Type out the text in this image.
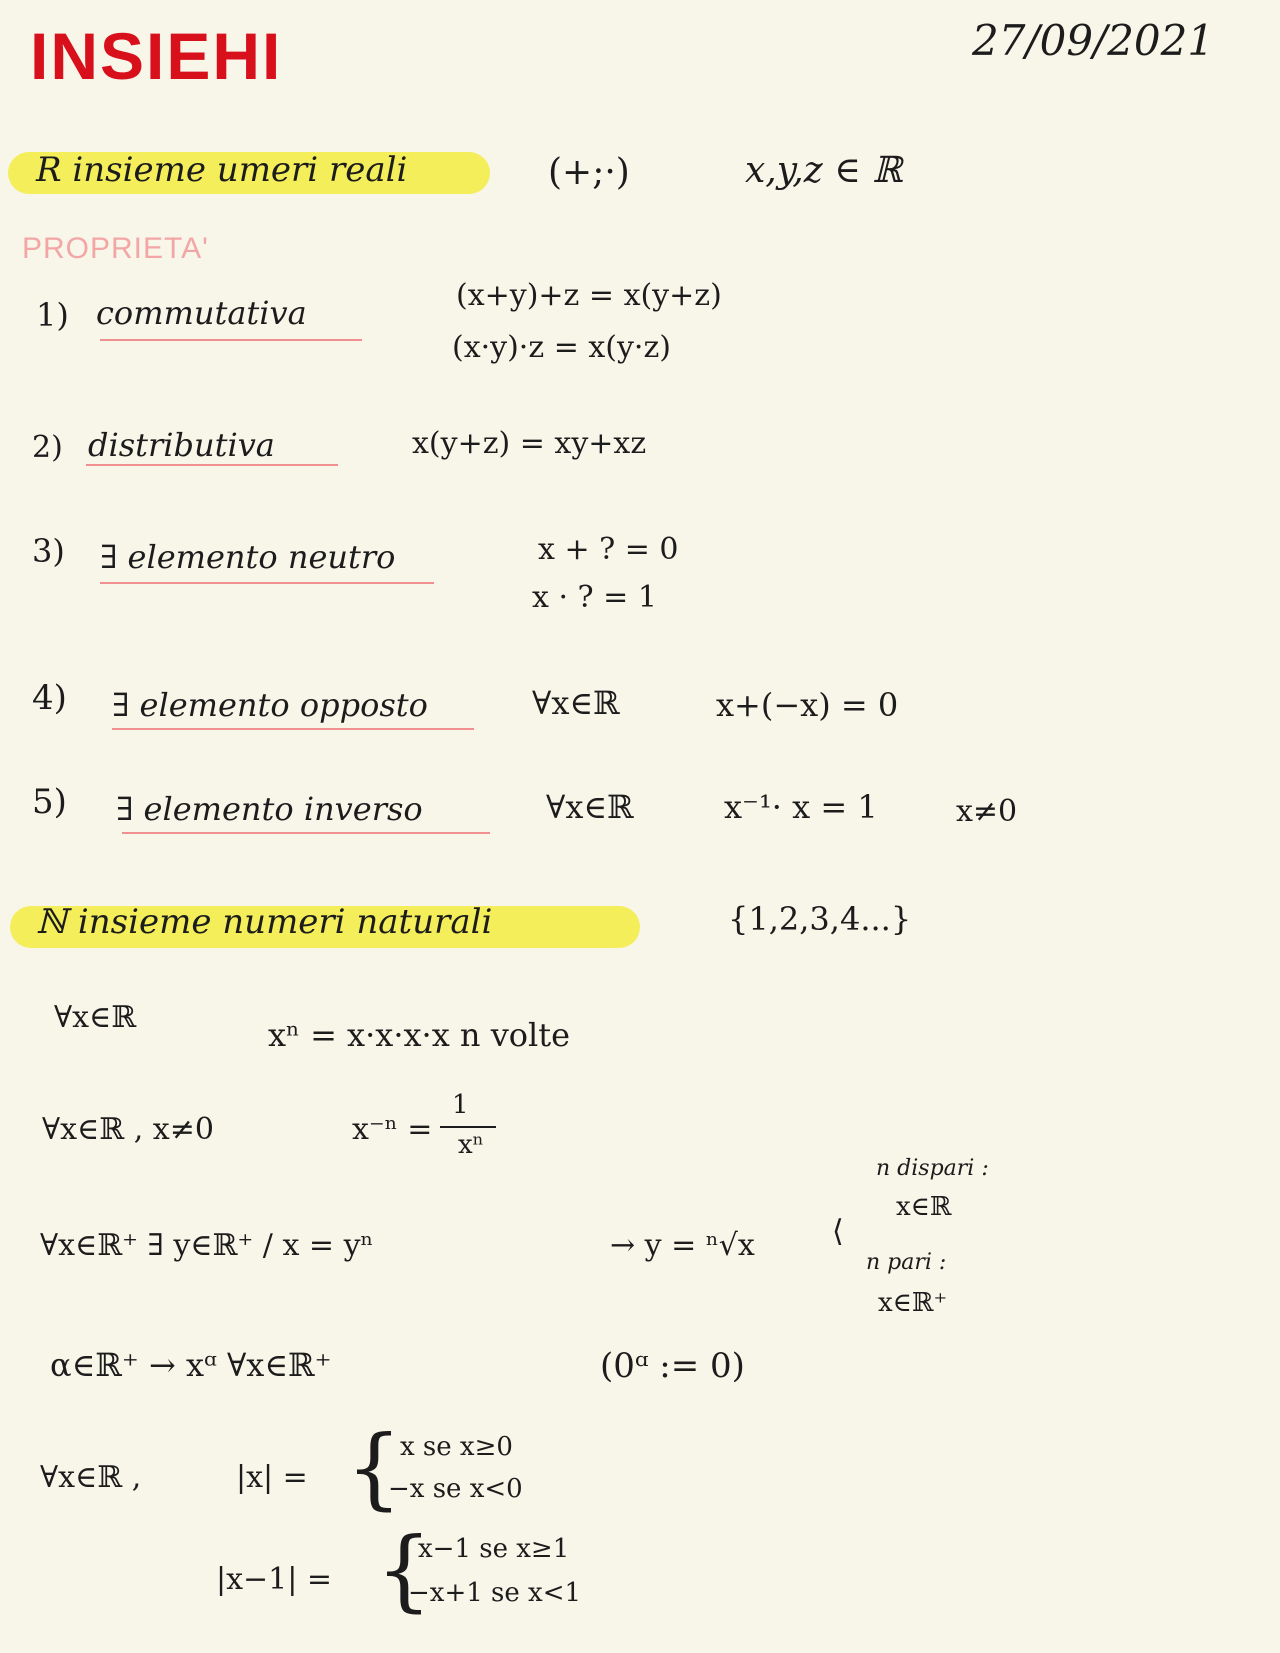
INSIEHI	27/09/2021
R insieme umeri reali	(+;·)	x,y,z ∈ ℝ
PROPRIETA'
1) commutativa	(x+y)+z = x(y+z)
(x·y)·z = x(y·z)
2) distributiva	x(y+z) = xy+xz
3) ∃ elemento neutro	x + ? = 0
x · ? = 1
4) ∃ elemento opposto	∀x∈ℝ	x+(−x) = 0
5) ∃ elemento inverso	∀x∈ℝ	x⁻¹· x = 1	x≠0
ℕ insieme numeri naturali	{1,2,3,4...}
∀x∈ℝ	xⁿ = x·x·x·x n volte
∀x∈ℝ , x≠0	x⁻ⁿ =
1
xⁿ
n dispari :
x∈ℝ
∀x∈ℝ⁺ ∃ y∈ℝ⁺ / x = yⁿ	→ y = ⁿ√x	⟨
n pari :
x∈ℝ⁺
α∈ℝ⁺ → xᵅ ∀x∈ℝ⁺	(0ᵅ := 0)
∀x∈ℝ ,	|x| = {
x se x≥0
−x se x<0
|x−1| = {
x−1 se x≥1
−x+1 se x<1
